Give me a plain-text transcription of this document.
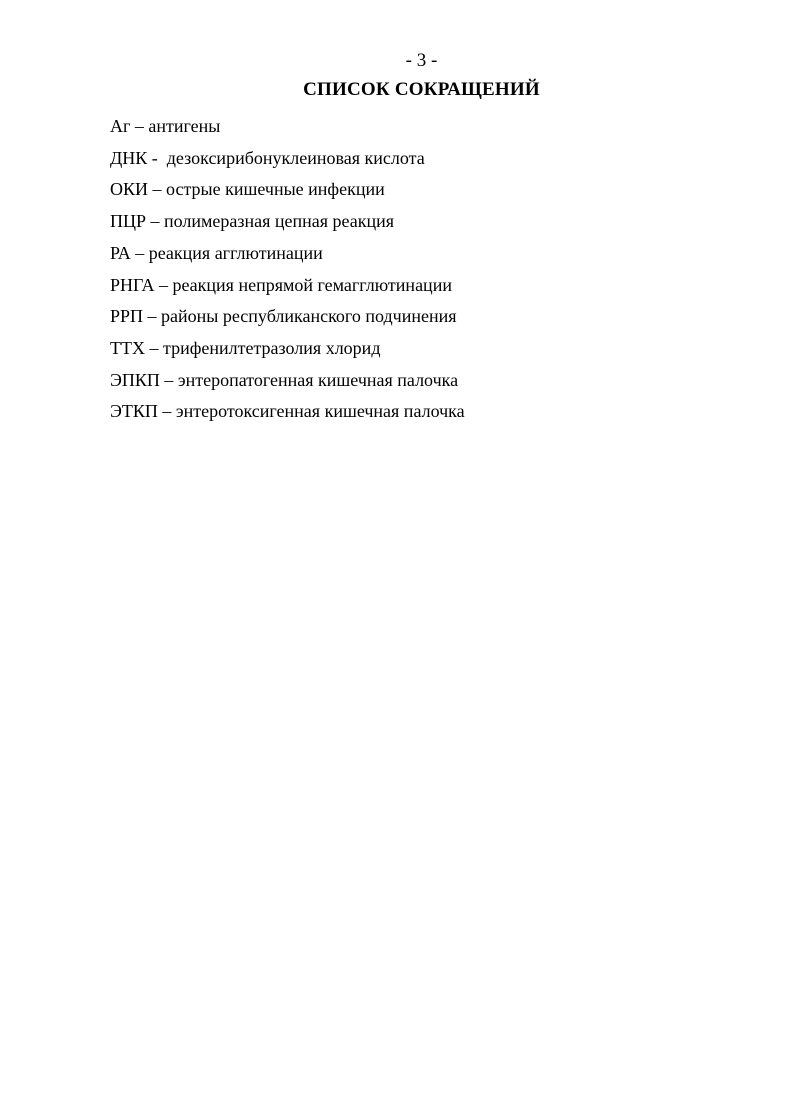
- 3 -
СПИСОК СОКРАЩЕНИЙ
Аг – антигены
ДНК -  дезоксирибонуклеиновая кислота
ОКИ – острые кишечные инфекции
ПЦР – полимеразная цепная реакция
РА – реакция агглютинации
РНГА – реакция непрямой гемагглютинации
РРП – районы республиканского подчинения
ТТХ – трифенилтетразолия хлорид
ЭПКП – энтеропатогенная кишечная палочка
ЭТКП – энтеротоксигенная кишечная палочка
